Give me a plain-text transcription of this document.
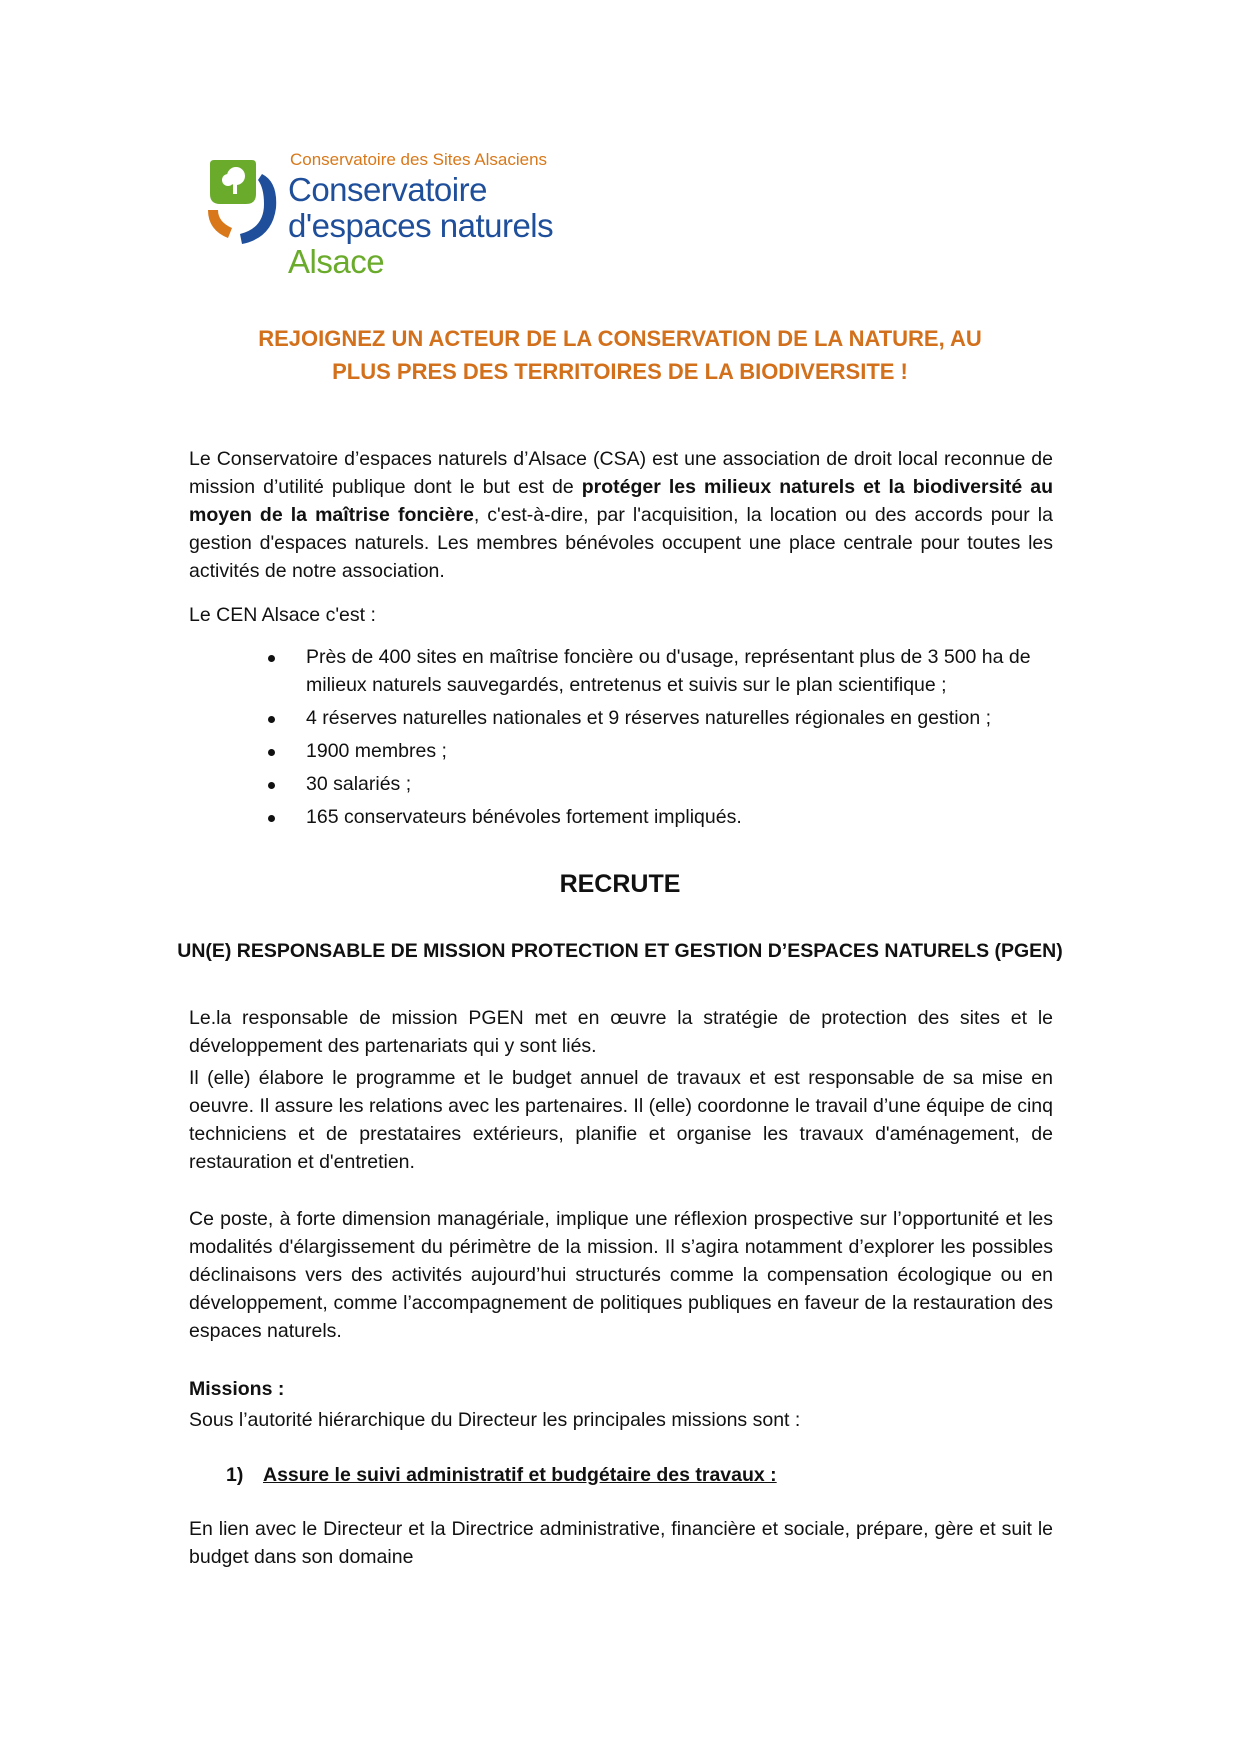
Conservatoire des Sites Alsaciens
Conservatoire
d'espaces naturels
Alsace
REJOIGNEZ UN ACTEUR DE LA CONSERVATION DE LA NATURE, AU
PLUS PRES DES TERRITOIRES DE LA BIODIVERSITE !
Le Conservatoire d’espaces naturels d’Alsace (CSA) est une association de droit local reconnue de mission d’utilité publique dont le but est de protéger les milieux naturels et la biodiversité au moyen de la maîtrise foncière, c'est-à-dire, par l'acquisition, la location ou des accords pour la gestion d'espaces naturels. Les membres bénévoles occupent une place centrale pour toutes les activités de notre association.
Le CEN Alsace c'est :
Près de 400 sites en maîtrise foncière ou d'usage, représentant plus de 3 500 ha de milieux naturels sauvegardés, entretenus et suivis sur le plan scientifique ;
4 réserves naturelles nationales et 9 réserves naturelles régionales en gestion ;
1900 membres ;
30 salariés ;
165 conservateurs bénévoles fortement impliqués.
RECRUTE
UN(E) RESPONSABLE DE MISSION PROTECTION ET GESTION D’ESPACES NATURELS (PGEN)
Le.la responsable de mission PGEN met en œuvre la stratégie de protection des sites et le développement des partenariats qui y sont liés.
Il (elle) élabore le programme et le budget annuel de travaux et est responsable de sa mise en oeuvre. Il assure les relations avec les partenaires. Il (elle) coordonne le travail d’une équipe de cinq techniciens et de prestataires extérieurs, planifie et organise les travaux d'aménagement, de restauration et d'entretien.
Ce poste, à forte dimension managériale, implique une réflexion prospective sur l’opportunité et les modalités d'élargissement du périmètre de la mission. Il s’agira notamment d’explorer les possibles déclinaisons vers des activités aujourd’hui structurés comme la compensation écologique ou en développement, comme l’accompagnement de politiques publiques en faveur de la restauration des espaces naturels.
Missions :
Sous l’autorité hiérarchique du Directeur les principales missions sont :
1) Assure le suivi administratif et budgétaire des travaux :
En lien avec le Directeur et la Directrice administrative, financière et sociale, prépare, gère et suit le budget dans son domaine
